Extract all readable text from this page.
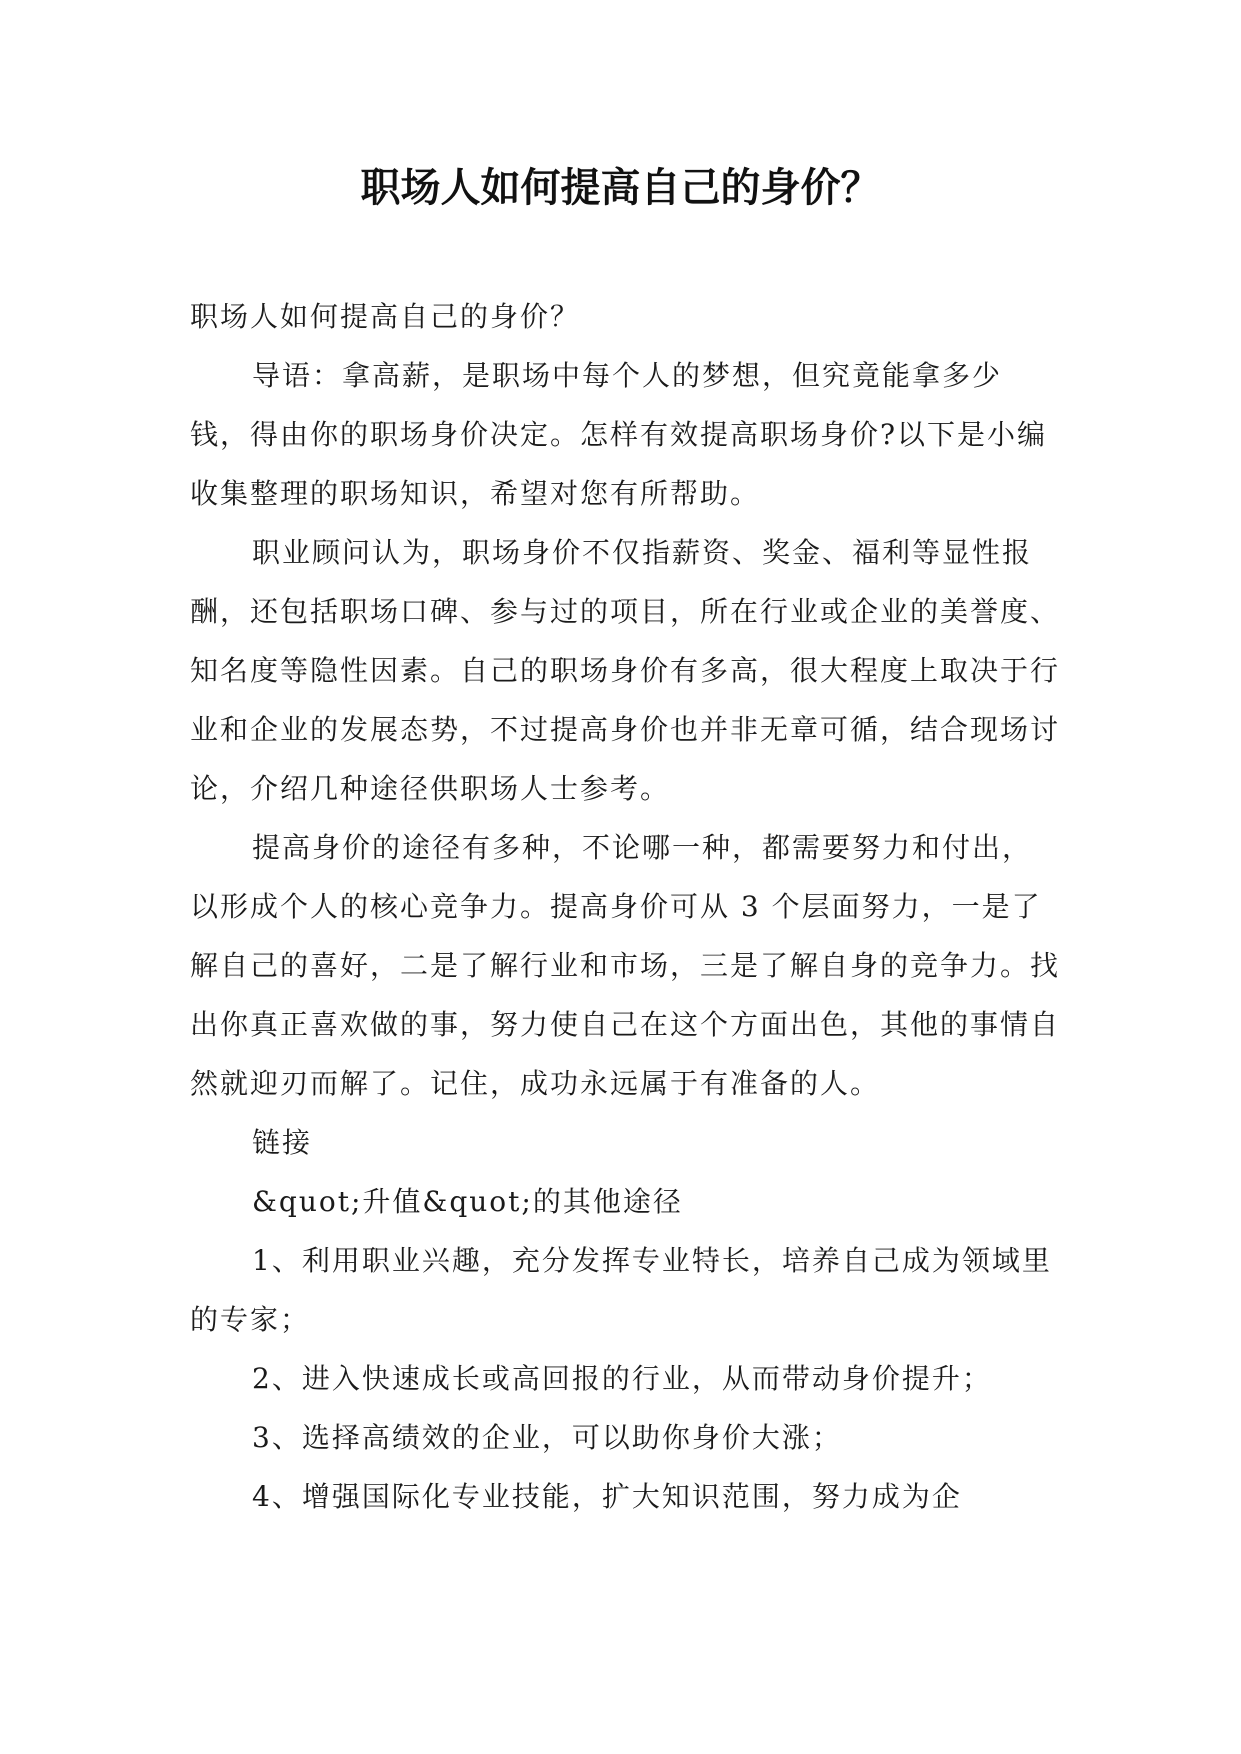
职场人如何提高自己的身价？

职场人如何提高自己的身价？

导语：拿高薪，是职场中每个人的梦想，但究竟能拿多少钱，得由你的职场身价决定。怎样有效提高职场身价?以下是小编收集整理的职场知识，希望对您有所帮助。

职业顾问认为，职场身价不仅指薪资、奖金、福利等显性报酬，还包括职场口碑、参与过的项目，所在行业或企业的美誉度、知名度等隐性因素。自己的职场身价有多高，很大程度上取决于行业和企业的发展态势，不过提高身价也并非无章可循，结合现场讨论，介绍几种途径供职场人士参考。

提高身价的途径有多种，不论哪一种，都需要努力和付出，以形成个人的核心竞争力。提高身价可从 3 个层面努力，一是了解自己的喜好，二是了解行业和市场，三是了解自身的竞争力。找出你真正喜欢做的事，努力使自己在这个方面出色，其他的事情自然就迎刃而解了。记住，成功永远属于有准备的人。

链接

&quot;升值&quot;的其他途径

1、利用职业兴趣，充分发挥专业特长，培养自己成为领域里的专家；

2、进入快速成长或高回报的行业，从而带动身价提升；

3、选择高绩效的企业，可以助你身价大涨；

4、增强国际化专业技能，扩大知识范围，努力成为企
